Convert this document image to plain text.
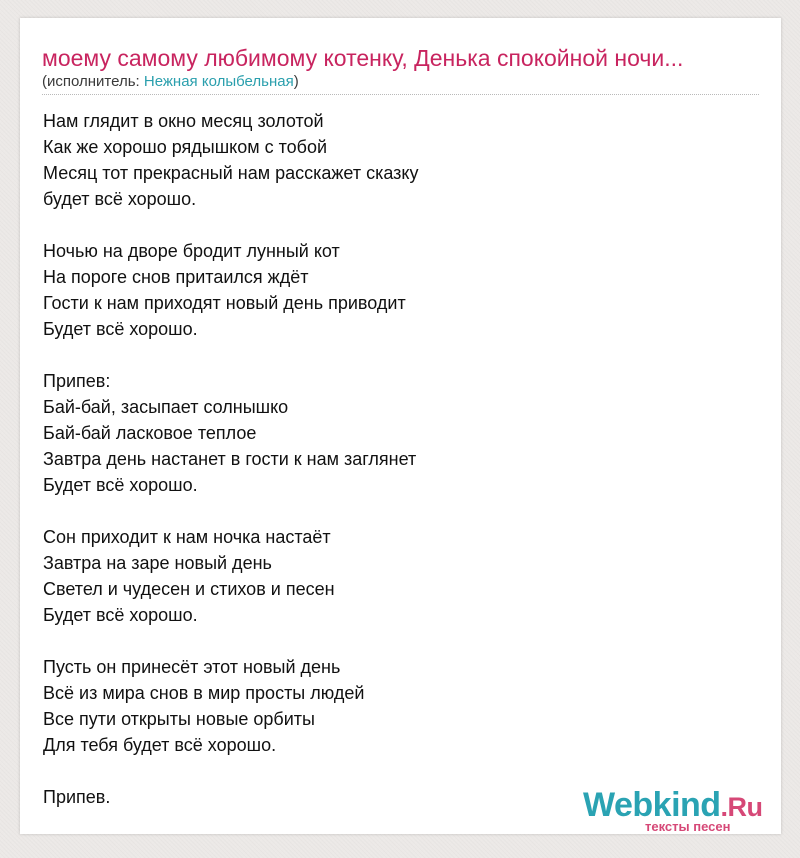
моему самому любимому котенку, Денька спокойной ночи...
(исполнитель: Нежная колыбельная)
Нам глядит в окно месяц золотой
Как же хорошо рядышком с тобой
Месяц тот прекрасный нам расскажет сказку
будет всё хорошо.

Ночью на дворе бродит лунный кот
На пороге снов притаился ждёт
Гости к нам приходят новый день приводит
Будет всё хорошо.

Припев:
Бай-бай, засыпает солнышко
Бай-бай ласковое теплое
Завтра день настанет в гости к нам заглянет
Будет всё хорошо.

Сон приходит к нам ночка настаёт
Завтра на заре новый день
Светел и чудесен и стихов и песен
Будет всё хорошо.

Пусть он принесёт этот новый день
Всё из мира снов в мир просты людей
Все пути открыты новые орбиты
Для тебя будет всё хорошо.

Припев.	Webkind.Ru
тексты песен
